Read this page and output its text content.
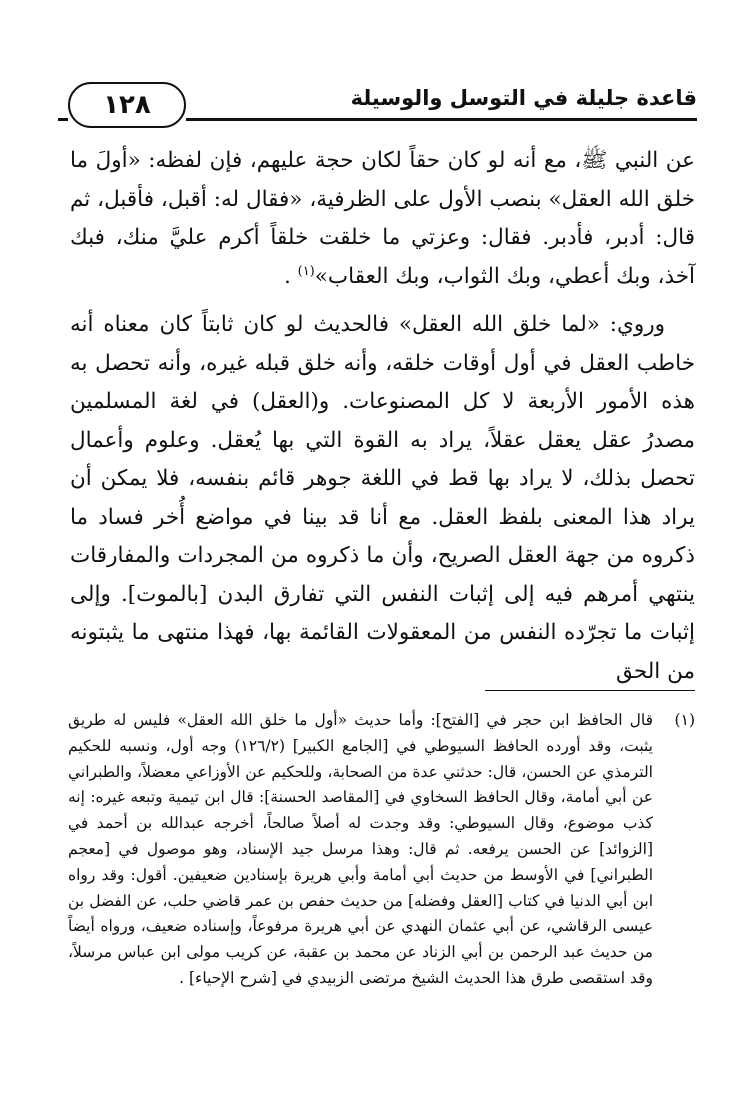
قاعدة جليلة في التوسل والوسيلة
١٢٨

عن النبي ﷺ، مع أنه لو كان حقاً لكان حجة عليهم، فإن لفظه: «أولَ ما خلق الله العقل» بنصب الأول على الظرفية، «فقال له: أقبل، فأقبل، ثم قال: أدبر، فأدبر. فقال: وعزتي ما خلقت خلقاً أكرم عليَّ منك، فبك آخذ، وبك أعطي، وبك الثواب، وبك العقاب»$^{(١)}$ .

وروي: «لما خلق الله العقل» فالحديث لو كان ثابتاً كان معناه أنه خاطب العقل في أول أوقات خلقه، وأنه خلق قبله غيره، وأنه تحصل به هذه الأمور الأربعة لا كل المصنوعات. و(العقل) في لغة المسلمين مصدرُ عقل يعقل عقلاً، يراد به القوة التي بها يُعقل. وعلوم وأعمال تحصل بذلك، لا يراد بها قط في اللغة جوهر قائم بنفسه، فلا يمكن أن يراد هذا المعنى بلفظ العقل. مع أنا قد بينا في مواضع أُخر فساد ما ذكروه من جهة العقل الصريح، وأن ما ذكروه من المجردات والمفارقات ينتهي أمرهم فيه إلى إثبات النفس التي تفارق البدن [بالموت]. وإلى إثبات ما تجرّده النفس من المعقولات القائمة بها، فهذا منتهى ما يثبتونه من الحق

(١)
قال الحافظ ابن حجر في [الفتح]: وأما حديث «أول ما خلق الله العقل» فليس له طريق يثبت، وقد أورده الحافظ السيوطي في [الجامع الكبير] (١٢٦/٢) وجه أول، ونسبه للحكيم الترمذي عن الحسن، قال: حدثني عدة من الصحابة، وللحكيم عن الأوزاعي معضلاً، والطبراني عن أبي أمامة، وقال الحافظ السخاوي في [المقاصد الحسنة]: قال ابن تيمية وتبعه غيره: إنه كذب موضوع، وقال السيوطي: وقد وجدت له أصلاً صالحاً، أخرجه عبدالله بن أحمد في [الزوائد] عن الحسن يرفعه. ثم قال: وهذا مرسل جيد الإسناد، وهو موصول في [معجم الطبراني] في الأوسط من حديث أبي أمامة وأبي هريرة بإسنادين ضعيفين. أقول: وقد رواه ابن أبي الدنيا في كتاب [العقل وفضله] من حديث حفص بن عمر قاضي حلب، عن الفضل بن عيسى الرقاشي، عن أبي عثمان النهدي عن أبي هريرة مرفوعاً، وإسناده ضعيف، ورواه أيضاً من حديث عبد الرحمن بن أبي الزناد عن محمد بن عقبة، عن كريب مولى ابن عباس مرسلاً، وقد استقصى طرق هذا الحديث الشيخ مرتضى الزبيدي في [شرح الإحياء] .
